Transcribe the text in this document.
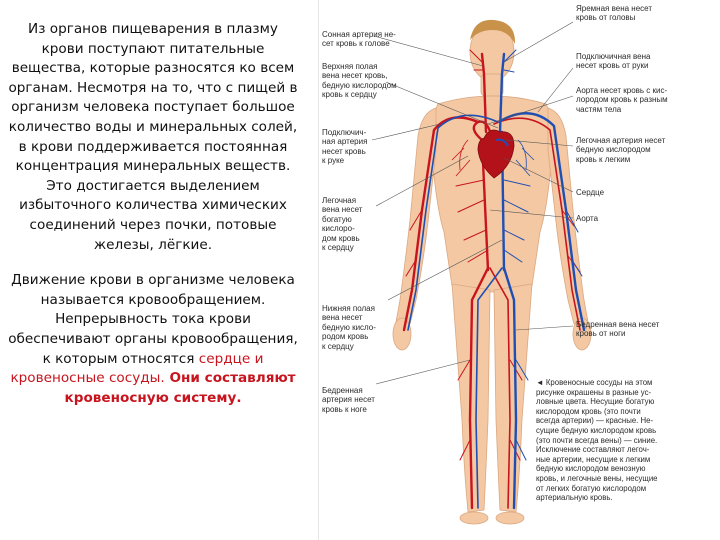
Из органов пищеварения в плазму крови поступают питательные вещества, которые разносятся ко всем органам. Несмотря на то, что с пищей в организм человека поступает большое количество воды и минеральных солей, в крови поддерживается постоянная концентрация минеральных веществ. Это достигается выделением избыточного количества химических соединений через почки, потовые железы, лёгкие.

Движение крови в организме человека называется кровообращением. Непрерывность тока крови обеспечивают органы кровообращения, к которым относятся сердце и кровеносные сосуды. Они составляют кровеносную систему.

Сонная артерия не-
сет кровь к голове
Верхняя полая
вена несет кровь,
бедную кислородом
кровь к сердцу
Подключич-
ная артерия
несет кровь
к руке
Легочная
вена несет
богатую
кислоро-
дом кровь
к сердцу
Нижняя полая
вена несет
бедную кисло-
родом кровь
к сердцу
Бедренная
артерия несет
кровь к ноге
Яремная вена несет
кровь от головы
Подключичная вена
несет кровь от руки
Аорта несет кровь с кис-
лородом кровь к разным
частям тела
Легочная артерия несет
бедную кислородом
кровь к легким
Сердце
Аорта
Бедренная вена несет
кровь от ноги
◄ Кровеносные сосуды на этом
рисунке окрашены в разные ус-
ловные цвета. Несущие богатую
кислородом кровь (это почти
всегда артерии) — красные. Не-
сущие бедную кислородом кровь
(это почти всегда вены) — синие.
Исключение составляют легоч-
ные артерии, несущие к легким
бедную кислородом венозную
кровь, и легочные вены, несущие
от легких богатую кислородом
артериальную кровь.
